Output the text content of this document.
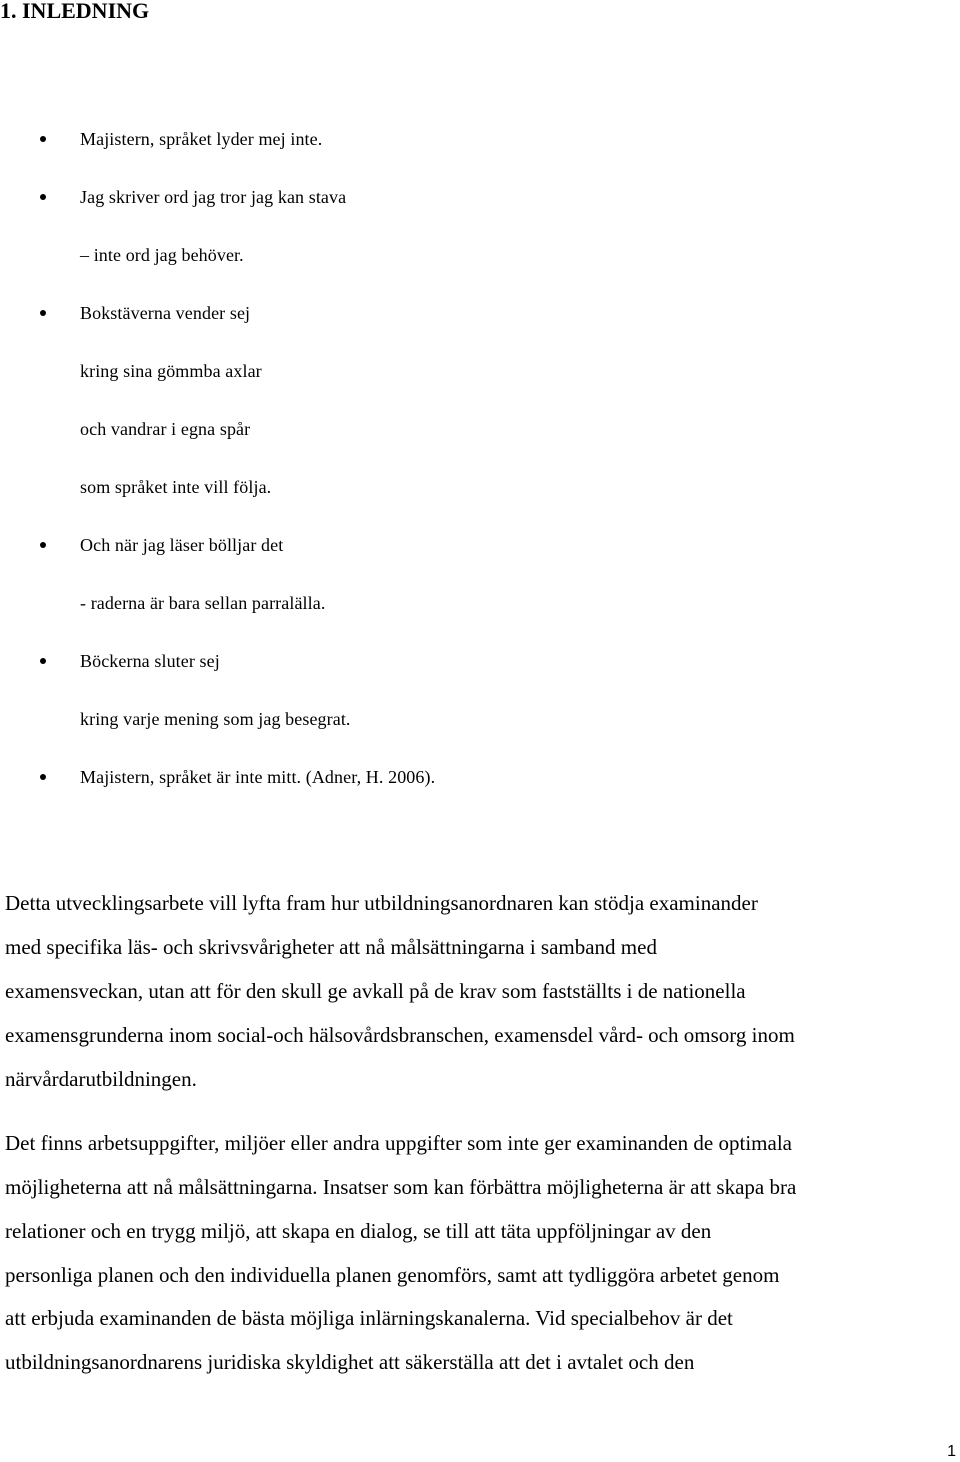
1. INLEDNING
Majistern, språket lyder mej inte.
Jag skriver ord jag tror jag kan stava
– inte ord jag behöver.
Bokstäverna vender sej
kring sina gömmba axlar
och vandrar i egna spår
som språket inte vill följa.
Och när jag läser bölljar det
- raderna är bara sellan parralälla.
Böckerna sluter sej
kring varje mening som jag besegrat.
Majistern, språket är inte mitt. (Adner, H. 2006).
Detta utvecklingsarbete vill lyfta fram hur utbildningsanordnaren kan stödja examinander
med specifika läs- och skrivsvårigheter att nå målsättningarna i samband med
examensveckan, utan att för den skull ge avkall på de krav som fastställts i de nationella
examensgrunderna inom social-och hälsovårdsbranschen, examensdel vård- och omsorg inom
närvårdarutbildningen.
Det finns arbetsuppgifter, miljöer eller andra uppgifter som inte ger examinanden de optimala
möjligheterna att nå målsättningarna. Insatser som kan förbättra möjligheterna är att skapa bra
relationer och en trygg miljö, att skapa en dialog, se till att täta uppföljningar av den
personliga planen och den individuella planen genomförs, samt att tydliggöra arbetet genom
att erbjuda examinanden de bästa möjliga inlärningskanalerna. Vid specialbehov är det
utbildningsanordnarens juridiska skyldighet att säkerställa att det i avtalet och den
1
